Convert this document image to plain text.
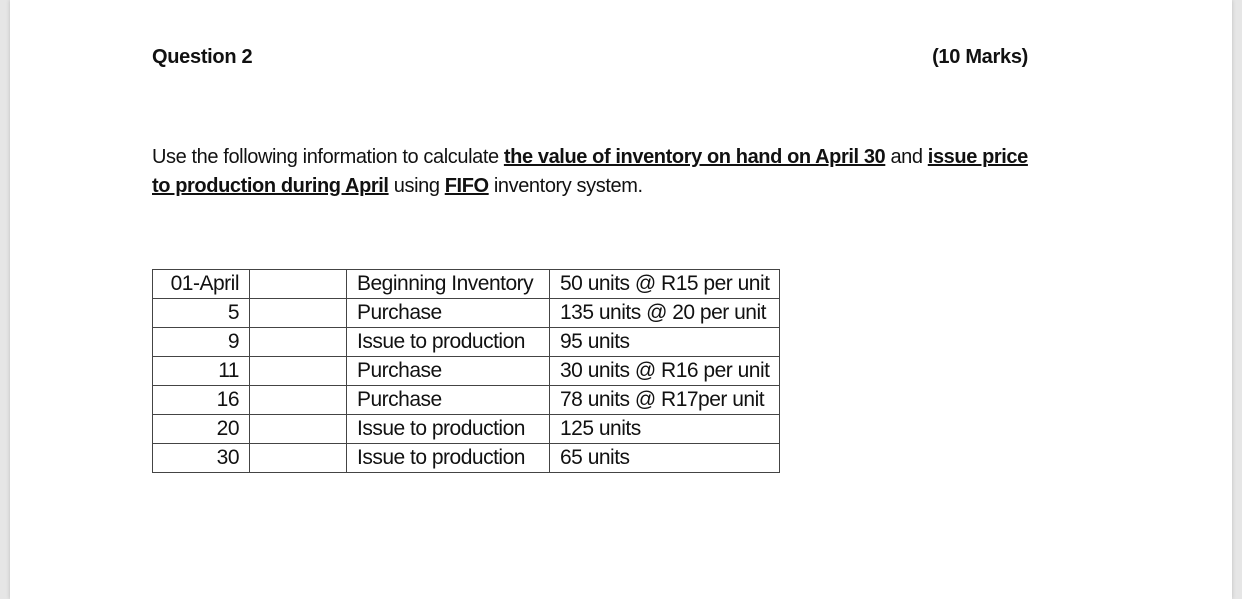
Question 2	(10 Marks)
Use the following information to calculate the value of inventory on hand on April 30 and issue price to production during April using FIFO inventory system.
01-April		Beginning Inventory	50 units @ R15 per unit
5		Purchase	135 units @ 20 per unit
9		Issue to production	95 units
11		Purchase	30 units @ R16 per unit
16		Purchase	78 units @ R17per unit
20		Issue to production	125 units
30		Issue to production	65 units
